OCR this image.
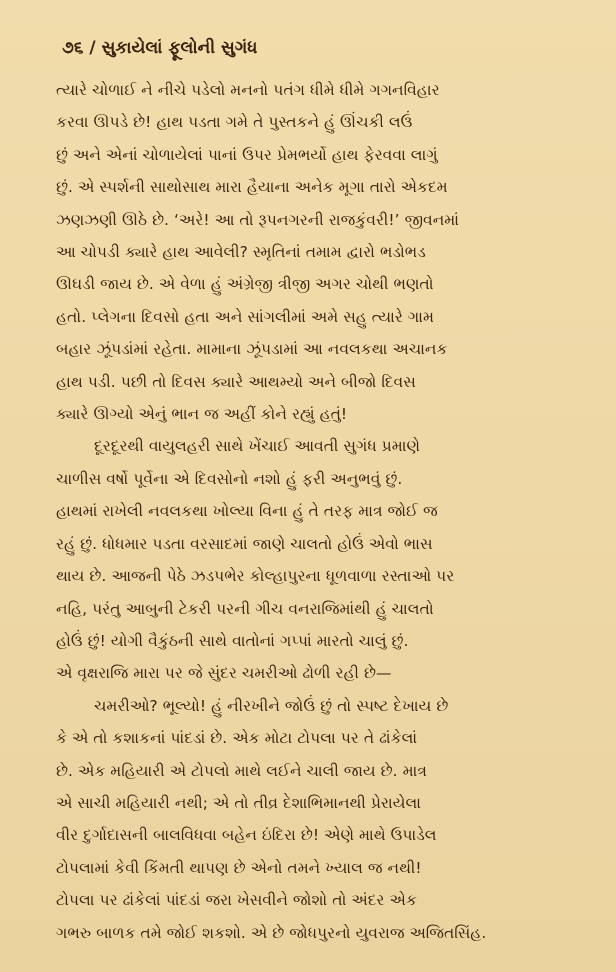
૭૬ / સુકાયેલાં ફૂલોની સુગંધ
ત્યારે ચોળાઈ ને નીચે પડેલો મનનો પતંગ ધીમે ધીમે ગગનવિહાર
કરવા ઊપડે છે! હાથ પડતા ગમે તે પુસ્તકને હું ઊંચકી લઉં
છું અને એનાં ચોળાયેલાં પાનાં ઉપર પ્રેમભર્યો હાથ ફેરવવા લાગું
છું. એ સ્પર્શની સાથોસાથ મારા હૈયાના અનેક મૂગા તારો એકદમ
ઝણઝણી ઊઠે છે. ‘અરે! આ તો રૂપનગરની રાજકુંવરી!’ જીવનમાં
આ ચોપડી ક્યારે હાથ આવેલી? સ્મૃતિનાં તમામ દ્વારો ભડોભડ
ઊઘડી જાય છે. એ વેળા હું અંગ્રેજી ત્રીજી અગર ચોથી ભણતો
હતો. પ્લેગના દિવસો હતા અને સાંગલીમાં અમે સહુ ત્યારે ગામ
બહાર ઝૂંપડાંમાં રહેતા. મામાના ઝૂંપડામાં આ નવલકથા અચાનક
હાથ પડી. પછી તો દિવસ ક્યારે આથમ્યો અને બીજો દિવસ
ક્યારે ઊગ્યો એનું ભાન જ અહીં કોને રહ્યું હતું!
દૂરદૂરથી વાયુલહરી સાથે ખેંચાઈ આવતી સુગંધ પ્રમાણે
ચાળીસ વર્ષો પૂર્વેના એ દિવસોનો નશો હું ફરી અનુભવું છું.
હાથમાં રાખેલી નવલકથા ખોલ્યા વિના હું તે તરફ માત્ર જોઈ જ
રહું છું. ધોધમાર પડતા વરસાદમાં જાણે ચાલતો હોઉં એવો ભાસ
થાય છે. આજની પેઠે ઝડપભેર કોલ્હાપુરના ધૂળવાળા રસ્તાઓ પર
નહિ, પરંતુ આબુની ટેકરી પરની ગીચ વનરાજિમાંથી હું ચાલતો
હોઉં છું! યોગી વૈકુંઠની સાથે વાતોનાં ગપ્પાં મારતો ચાલું છું.
એ વૃક્ષરાજિ મારા પર જે સુંદર ચમરીઓ ઢોળી રહી છે—
ચમરીઓ? ભૂલ્યો! હું નીરખીને જોઉં છું તો સ્પષ્ટ દેખાય છે
કે એ તો કશાકનાં પાંદડાં છે. એક મોટા ટોપલા પર તે ઢાંકેલાં
છે. એક મહિયારી એ ટોપલો માથે લઈને ચાલી જાય છે. માત્ર
એ સાચી મહિયારી નથી; એ તો તીવ્ર દેશાભિમાનથી પ્રેરાયેલા
વીર દુર્ગાદાસની બાલવિધવા બહેન ઇંદિરા છે! એણે માથે ઉપાડેલ
ટોપલામાં કેવી કિંમતી થાપણ છે એનો તમને ખ્યાલ જ નથી!
ટોપલા પર ઢાંકેલાં પાંદડાં જરા ખેસવીને જોશો તો અંદર એક
ગભરુ બાળક તમે જોઈ શકશો. એ છે જોધપુરનો યુવરાજ અજિતસિંહ.
